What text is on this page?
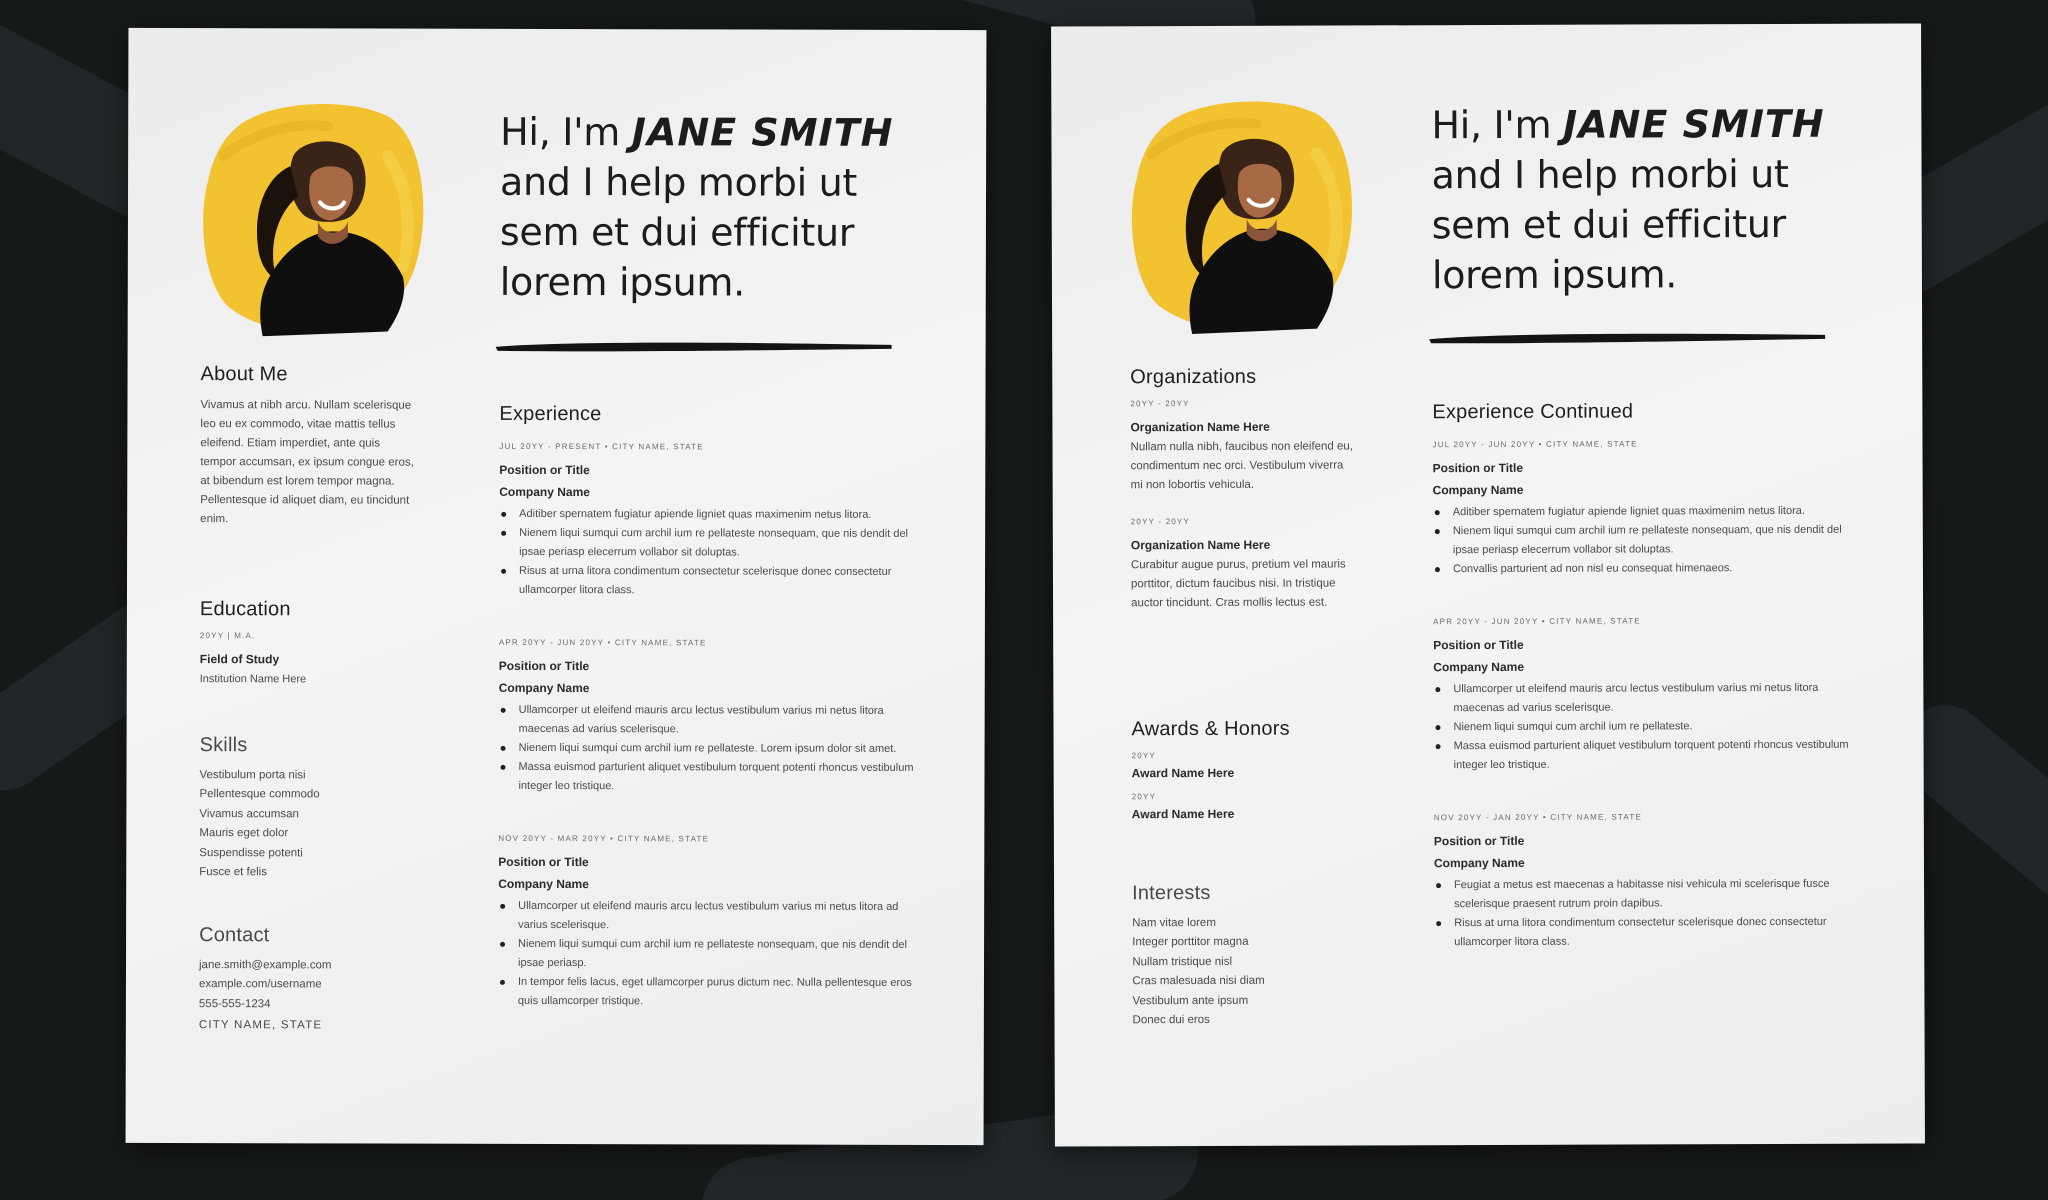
Hi, I'm JANE SMITH
and I help morbi ut
sem et dui efficitur
lorem ipsum.
About Me
Vivamus at nibh arcu. Nullam scelerisque leo eu ex commodo, vitae mattis tellus eleifend. Etiam imperdiet, ante quis tempor accumsan, ex ipsum congue eros, at bibendum est lorem tempor magna. Pellentesque id aliquet diam, eu tincidunt enim.
Education
20YY | M.A.
Field of Study
Institution Name Here
Skills
Vestibulum porta nisi
Pellentesque commodo
Vivamus accumsan
Mauris eget dolor
Suspendisse potenti
Fusce et felis
Contact
jane.smith@example.com
example.com/username
555-555-1234
CITY NAME, STATE
Experience
JUL 20YY - PRESENT • CITY NAME, STATE
Position or Title
Company Name
Aditiber spernatem fugiatur apiende ligniet quas maximenim netus litora.
Nienem liqui sumqui cum archil ium re pellateste nonsequam, que nis dendit del ipsae periasp elecerrum vollabor sit doluptas.
Risus at urna litora condimentum consectetur scelerisque donec consectetur ullamcorper litora class.
APR 20YY - JUN 20YY • CITY NAME, STATE
Position or Title
Company Name
Ullamcorper ut eleifend mauris arcu lectus vestibulum varius mi netus litora maecenas ad varius scelerisque.
Nienem liqui sumqui cum archil ium re pellateste. Lorem ipsum dolor sit amet.
Massa euismod parturient aliquet vestibulum torquent potenti rhoncus vestibulum integer leo tristique.
NOV 20YY - MAR 20YY • CITY NAME, STATE
Position or Title
Company Name
Ullamcorper ut eleifend mauris arcu lectus vestibulum varius mi netus litora ad varius scelerisque.
Nienem liqui sumqui cum archil ium re pellateste nonsequam, que nis dendit del ipsae periasp.
In tempor felis lacus, eget ullamcorper purus dictum nec. Nulla pellentesque eros quis ullamcorper tristique.
Hi, I'm JANE SMITH
and I help morbi ut
sem et dui efficitur
lorem ipsum.
Organizations
20YY - 20YY
Organization Name Here
Nullam nulla nibh, faucibus non eleifend eu, condimentum nec orci. Vestibulum viverra mi non lobortis vehicula.
20YY - 20YY
Organization Name Here
Curabitur augue purus, pretium vel mauris porttitor, dictum faucibus nisi. In tristique auctor tincidunt. Cras mollis lectus est.
Awards & Honors
20YY
Award Name Here
20YY
Award Name Here
Interests
Nam vitae lorem
Integer porttitor magna
Nullam tristique nisl
Cras malesuada nisi diam
Vestibulum ante ipsum
Donec dui eros
Experience Continued
JUL 20YY - JUN 20YY • CITY NAME, STATE
Position or Title
Company Name
Aditiber spernatem fugiatur apiende ligniet quas maximenim netus litora.
Nienem liqui sumqui cum archil ium re pellateste nonsequam, que nis dendit del ipsae periasp elecerrum vollabor sit doluptas.
Convallis parturient ad non nisl eu consequat himenaeos.
APR 20YY - JUN 20YY • CITY NAME, STATE
Position or Title
Company Name
Ullamcorper ut eleifend mauris arcu lectus vestibulum varius mi netus litora maecenas ad varius scelerisque.
Nienem liqui sumqui cum archil ium re pellateste.
Massa euismod parturient aliquet vestibulum torquent potenti rhoncus vestibulum integer leo tristique.
NOV 20YY - JAN 20YY • CITY NAME, STATE
Position or Title
Company Name
Feugiat a metus est maecenas a habitasse nisi vehicula mi scelerisque fusce scelerisque praesent rutrum proin dapibus.
Risus at urna litora condimentum consectetur scelerisque donec consectetur ullamcorper litora class.
